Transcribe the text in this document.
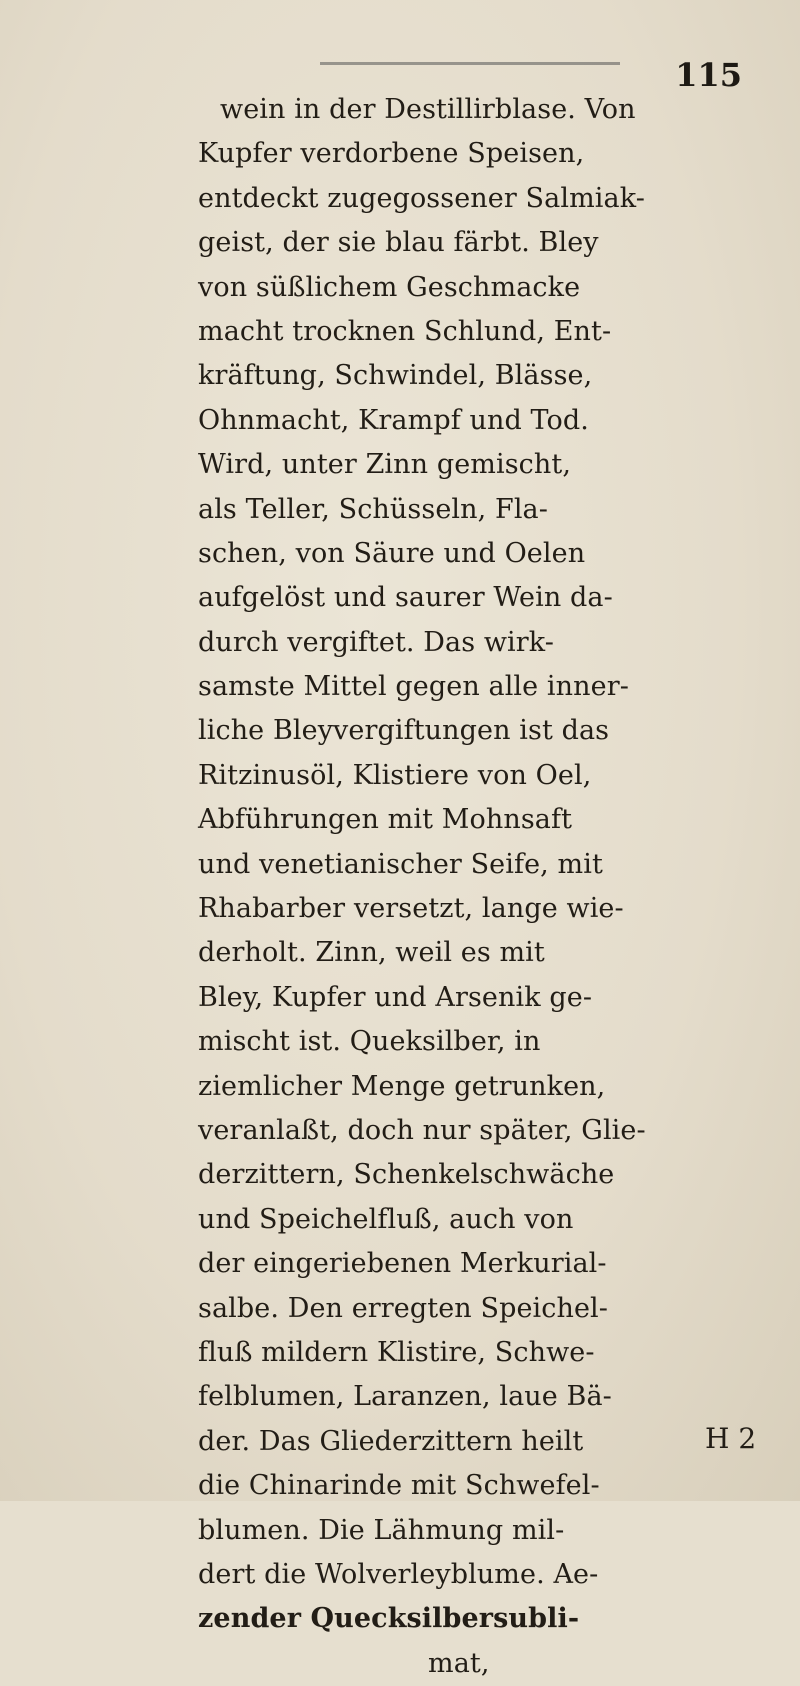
115
wein in der Destillirblase. Von
Kupfer verdorbene Speisen,
entdeckt zugegossener Salmiak-
geist, der sie blau färbt. Bley
von süßlichem Geschmacke
macht trocknen Schlund, Ent-
kräftung, Schwindel, Blässe,
Ohnmacht, Krampf und Tod.
Wird, unter Zinn gemischt,
als Teller, Schüsseln, Fla-
schen, von Säure und Oelen
aufgelöst und saurer Wein da-
durch vergiftet. Das wirk-
samste Mittel gegen alle inner-
liche Bleyvergiftungen ist das
Ritzinusöl, Klistiere von Oel,
Abführungen mit Mohnsaft
und venetianischer Seife, mit
Rhabarber versetzt, lange wie-
derholt. Zinn, weil es mit
Bley, Kupfer und Arsenik ge-
mischt ist. Queksilber, in
ziemlicher Menge getrunken,
veranlaßt, doch nur später, Glie-
derzittern, Schenkelschwäche
und Speichelfluß, auch von
der eingeriebenen Merkurial-
salbe. Den erregten Speichel-
fluß mildern Klistire, Schwe-
felblumen, Laranzen, laue Bä-
der. Das Gliederzittern heilt
die Chinarinde mit Schwefel-
blumen. Die Lähmung mil-
dert die Wolverleyblume. Ae-
zender Quecksilbersubli-
mat,
H 2
